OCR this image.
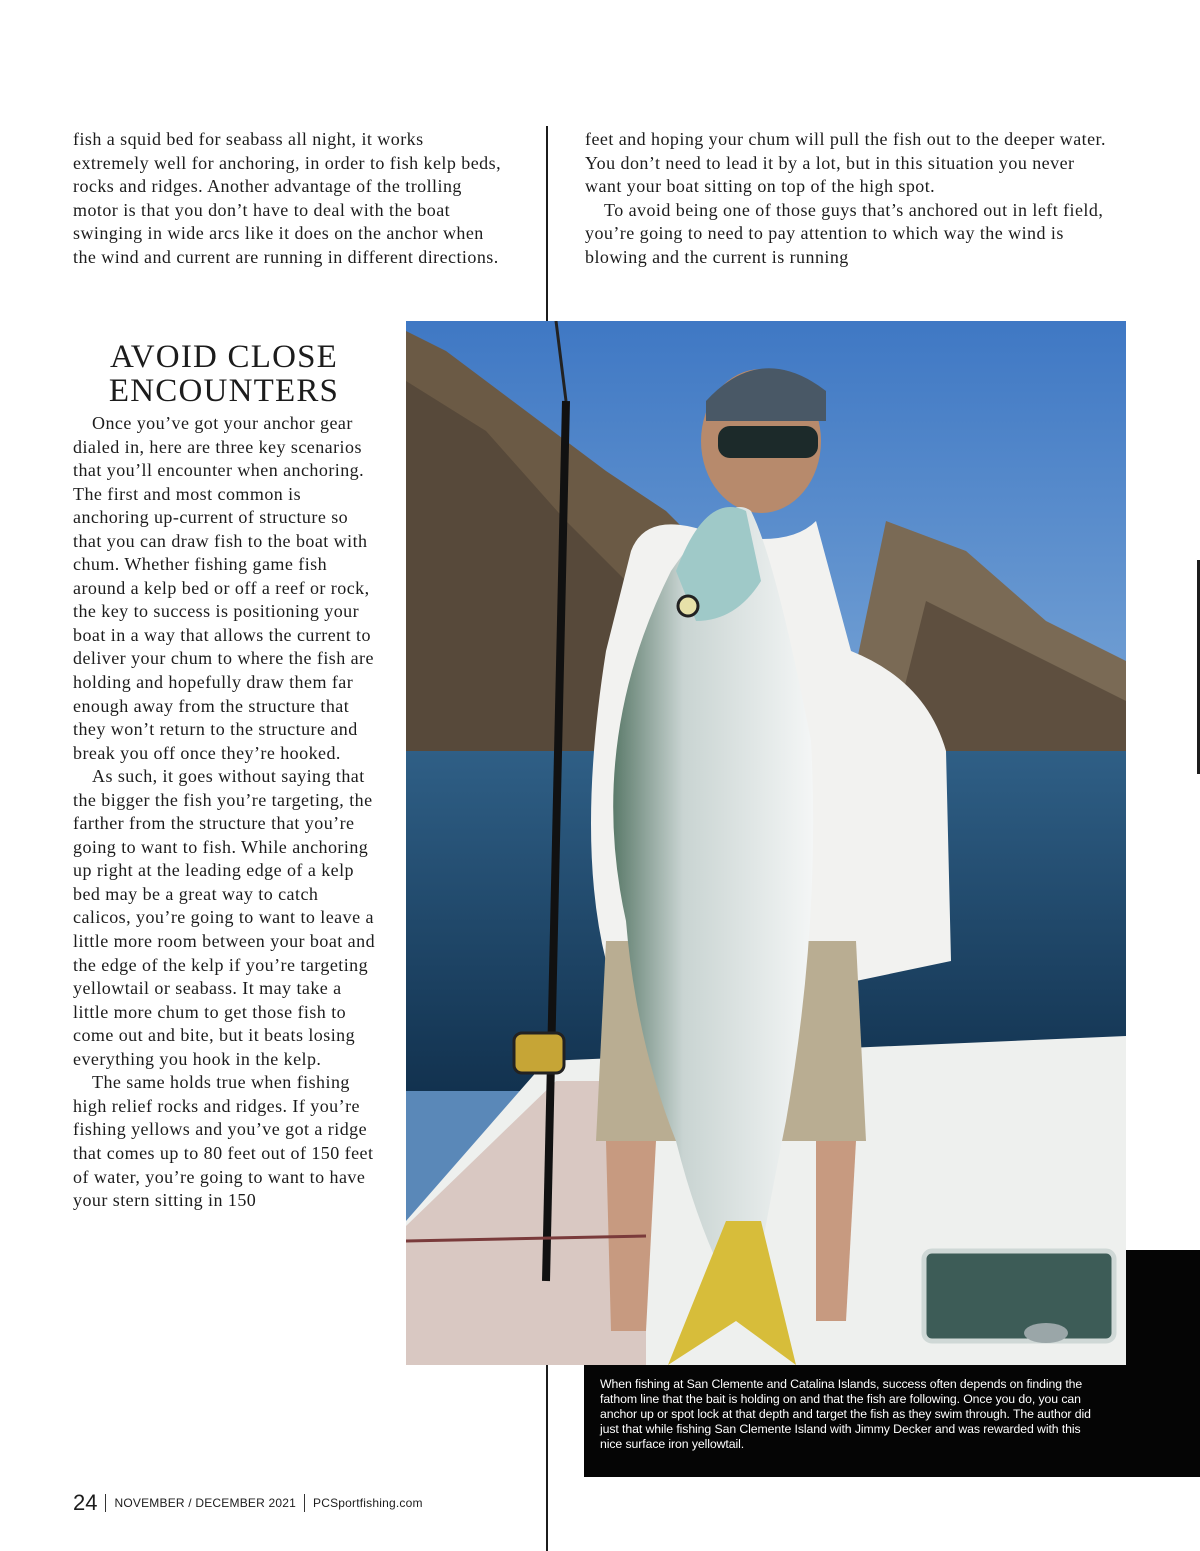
fish a squid bed for seabass all night, it works extremely well for anchoring, in order to fish kelp beds, rocks and ridges. Another advantage of the trolling motor is that you don’t have to deal with the boat swinging in wide arcs like it does on the anchor when the wind and current are running in different directions.

feet and hoping your chum will pull the fish out to the deeper water. You don’t need to lead it by a lot, but in this situation you never want your boat sitting on top of the high spot.

To avoid being one of those guys that’s anchored out in left field, you’re going to need to pay attention to which way the wind is blowing and the current is running

AVOID CLOSE ENCOUNTERS

Once you’ve got your anchor gear dialed in, here are three key scenarios that you’ll encounter when anchoring. The first and most common is anchoring up-current of structure so that you can draw fish to the boat with chum. Whether fishing game fish around a kelp bed or off a reef or rock, the key to success is positioning your boat in a way that allows the current to deliver your chum to where the fish are holding and hopefully draw them far enough away from the structure that they won’t return to the structure and break you off once they’re hooked.

As such, it goes without saying that the bigger the fish you’re targeting, the farther from the structure that you’re going to want to fish. While anchoring up right at the leading edge of a kelp bed may be a great way to catch calicos, you’re going to want to leave a little more room between your boat and the edge of the kelp if you’re targeting yellowtail or seabass. It may take a little more chum to get those fish to come out and bite, but it beats losing everything you hook in the kelp.

The same holds true when fishing high relief rocks and ridges. If you’re fishing yellows and you’ve got a ridge that comes up to 80 feet out of 150 feet of water, you’re going to want to have your stern sitting in 150

When fishing at San Clemente and Catalina Islands, success often depends on finding the fathom line that the bait is holding on and that the fish are following. Once you do, you can anchor up or spot lock at that depth and target the fish as they swim through. The author did just that while fishing San Clemente Island with Jimmy Decker and was rewarded with this nice surface iron yellowtail.

24 NOVEMBER / DECEMBER 2021 PCSportfishing.com
